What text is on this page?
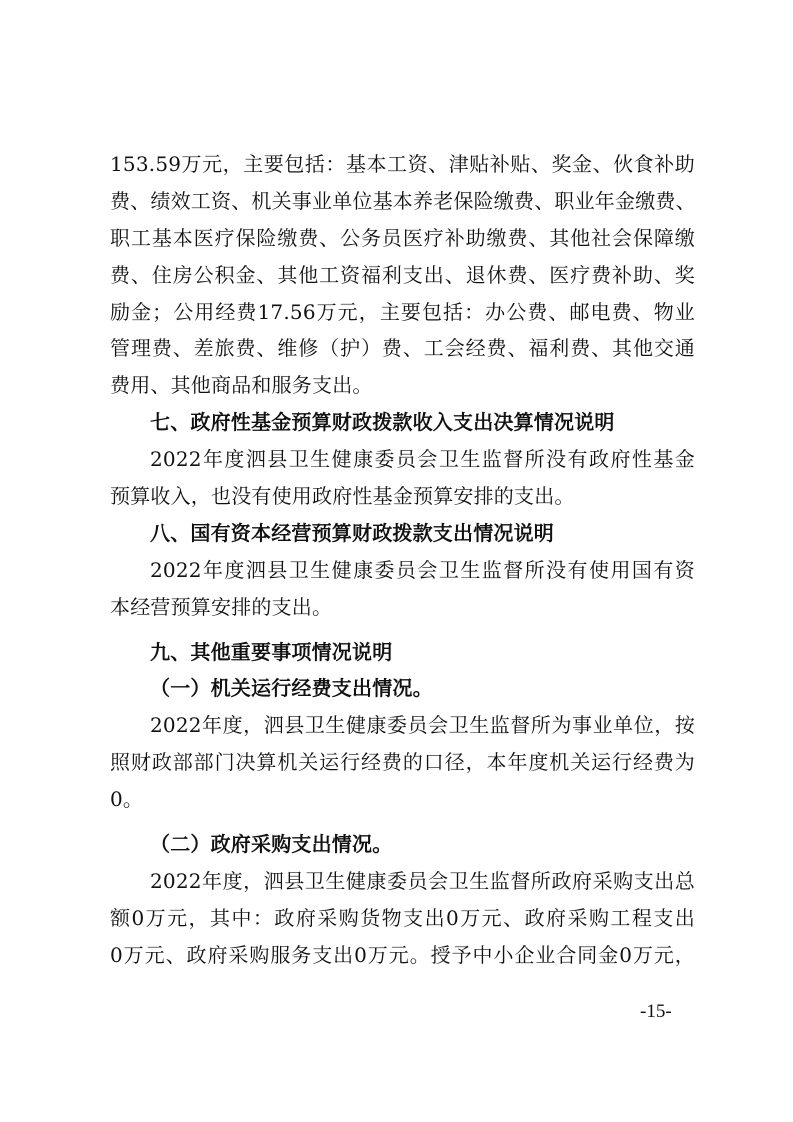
153.59万元，主要包括：基本工资、津贴补贴、奖金、伙食补助
费、绩效工资、机关事业单位基本养老保险缴费、职业年金缴费、
职工基本医疗保险缴费、公务员医疗补助缴费、其他社会保障缴
费、住房公积金、其他工资福利支出、退休费、医疗费补助、奖
励金；公用经费17.56万元，主要包括：办公费、邮电费、物业
管理费、差旅费、维修（护）费、工会经费、福利费、其他交通
费用、其他商品和服务支出。
七、政府性基金预算财政拨款收入支出决算情况说明
2022年度泗县卫生健康委员会卫生监督所没有政府性基金
预算收入，也没有使用政府性基金预算安排的支出。
八、国有资本经营预算财政拨款支出情况说明
2022年度泗县卫生健康委员会卫生监督所没有使用国有资
本经营预算安排的支出。
九、其他重要事项情况说明
（一）机关运行经费支出情况。
2022年度，泗县卫生健康委员会卫生监督所为事业单位，按
照财政部部门决算机关运行经费的口径，本年度机关运行经费为
0。
（二）政府采购支出情况。
2022年度，泗县卫生健康委员会卫生监督所政府采购支出总
额0万元，其中：政府采购货物支出0万元、政府采购工程支出
0万元、政府采购服务支出0万元。授予中小企业合同金0万元，
-15-
